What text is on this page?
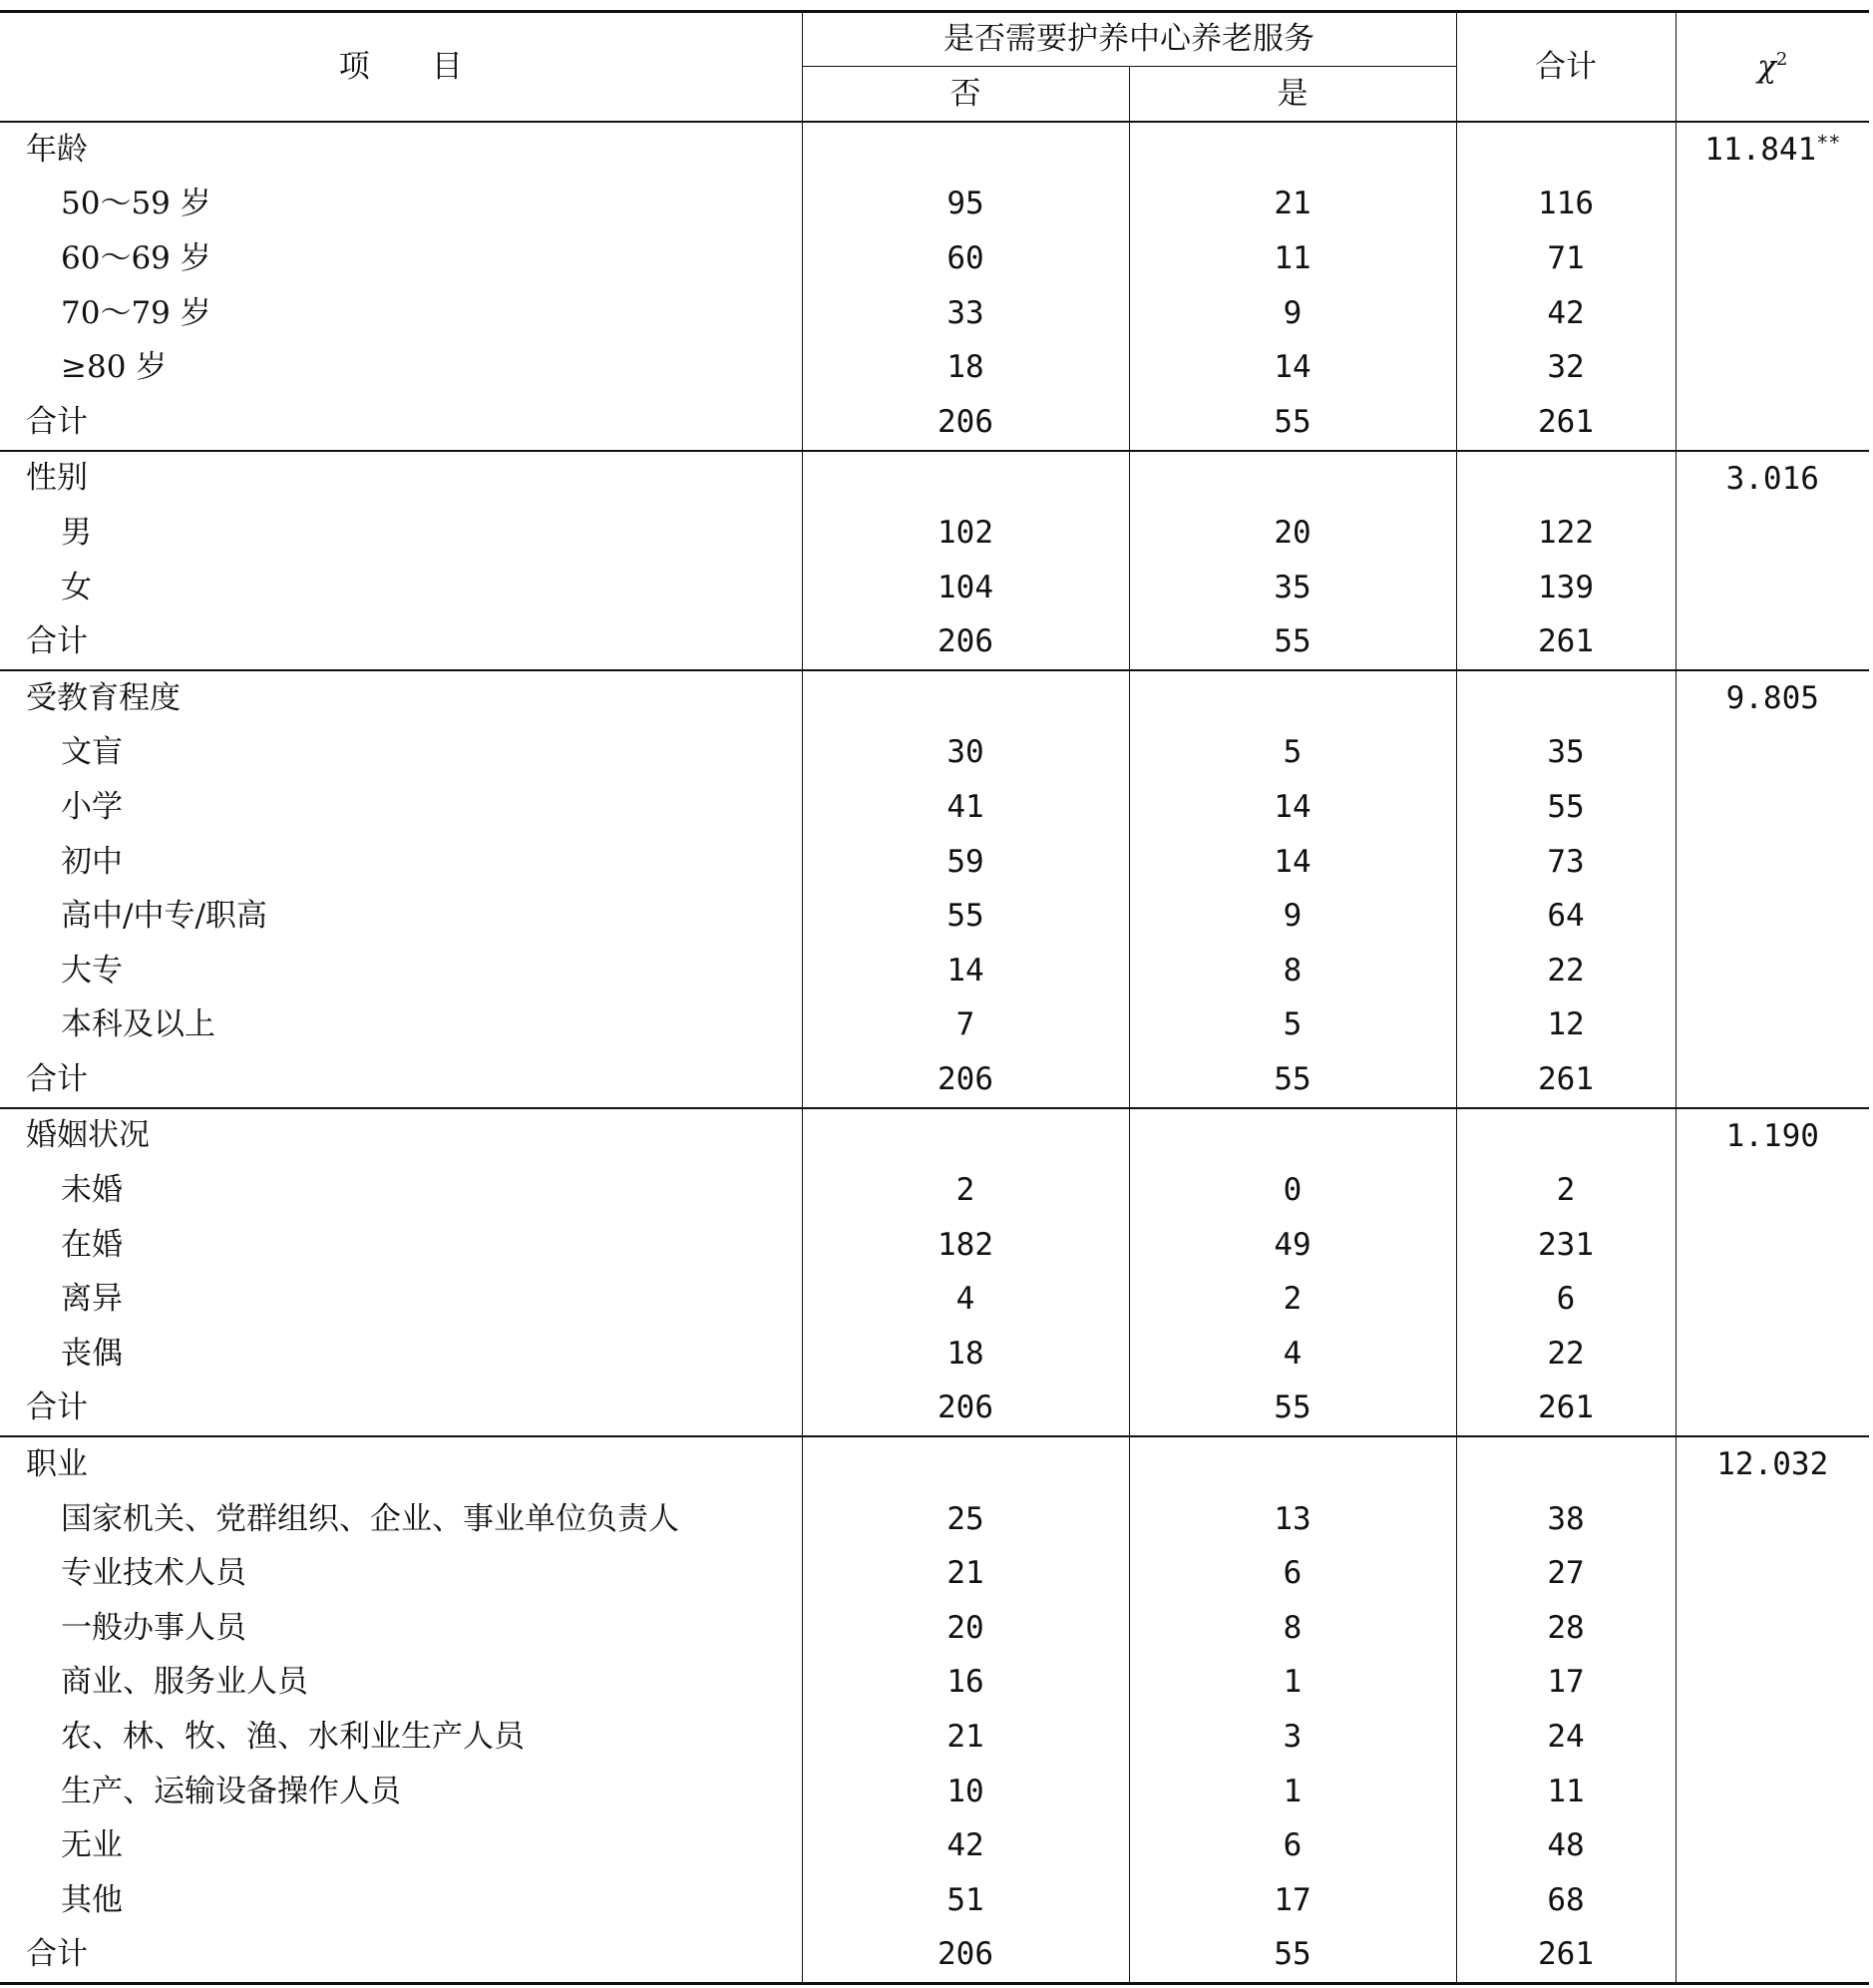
项　　目	是否需要护养中心养老服务		合计	$\chi^2$
	否	是		
年龄				11.841**

50～59 岁	95	21	116	
60～69 岁	60	11	71	
70～79 岁	33	9	42	
≥80 岁	18	14	32	
合计	206	55	261	
性别				3.016

男	102	20	122	
女	104	35	139	
合计	206	55	261	
受教育程度				9.805

文盲	30	5	35	
小学	41	14	55	
初中	59	14	73	
高中/中专/职高	55	9	64	
大专	14	8	22	
本科及以上	7	5	12	
合计	206	55	261	
婚姻状况				1.190

未婚	2	0	2	
在婚	182	49	231	
离异	4	2	6	
丧偶	18	4	22	
合计	206	55	261	
职业				12.032

国家机关、党群组织、企业、事业单位负责人	25	13	38	
专业技术人员	21	6	27	
一般办事人员	20	8	28	
商业、服务业人员	16	1	17	
农、林、牧、渔、水利业生产人员	21	3	24	
生产、运输设备操作人员	10	1	11	
无业	42	6	48	
其他	51	17	68	
合计	206	55	261	
